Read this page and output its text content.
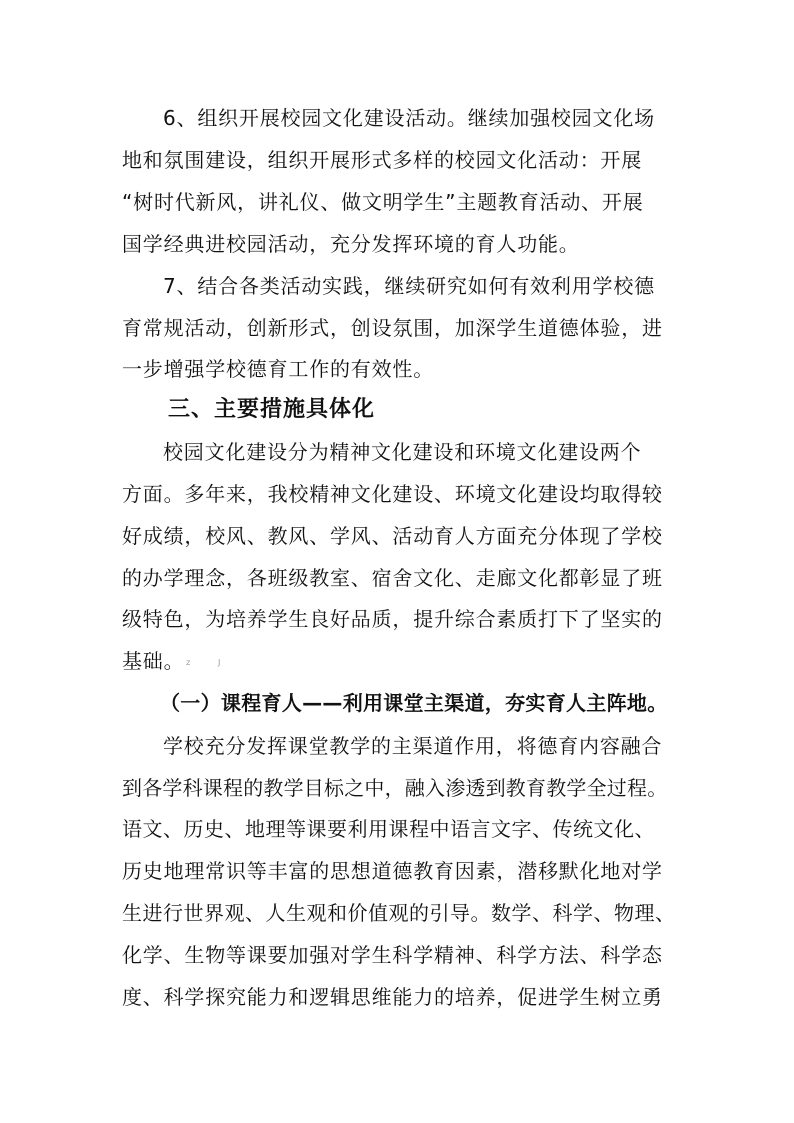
6、组织开展校园文化建设活动。继续加强校园文化场
地和氛围建设，组织开展形式多样的校园文化活动：开展
“树时代新风，讲礼仪、做文明学生”主题教育活动、开展
国学经典进校园活动，充分发挥环境的育人功能。
7、结合各类活动实践，继续研究如何有效利用学校德
育常规活动，创新形式，创设氛围，加深学生道德体验，进
一步增强学校德育工作的有效性。
三、主要措施具体化
校园文化建设分为精神文化建设和环境文化建设两个
方面。多年来，我校精神文化建设、环境文化建设均取得较
好成绩，校风、教风、学风、活动育人方面充分体现了学校
的办学理念，各班级教室、宿舍文化、走廊文化都彰显了班
级特色，为培养学生良好品质，提升综合素质打下了坚实的
基础。 z	J
（一）课程育人——利用课堂主渠道，夯实育人主阵地。
学校充分发挥课堂教学的主渠道作用，将德育内容融合
到各学科课程的教学目标之中，融入渗透到教育教学全过程。
语文、历史、地理等课要利用课程中语言文字、传统文化、
历史地理常识等丰富的思想道德教育因素，潜移默化地对学
生进行世界观、人生观和价值观的引导。数学、科学、物理、
化学、生物等课要加强对学生科学精神、科学方法、科学态
度、科学探究能力和逻辑思维能力的培养，促进学生树立勇
